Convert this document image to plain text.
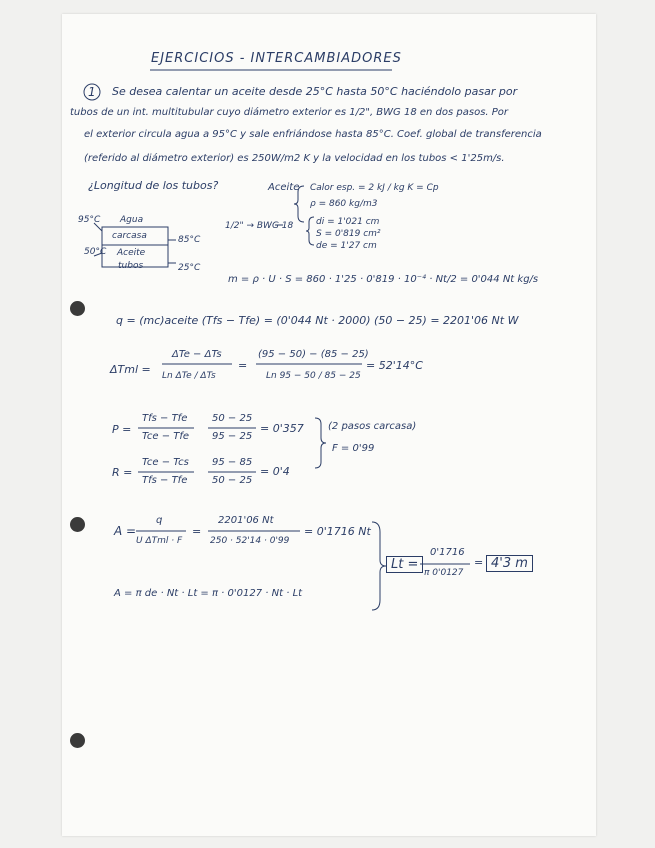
EJERCICIOS - INTERCAMBIADORES
1 Se desea calentar un aceite desde 25°C hasta 50°C haciéndolo pasar por
tubos de un int. multitubular cuyo diámetro exterior es 1/2", BWG 18 en dos pasos. Por
el exterior circula agua a 95°C y sale enfriándose hasta 85°C. Coef. global de transferencia
(referido al diámetro exterior) es 250W/m2 K y la velocidad en los tubos < 1'25m/s.
¿Longitud de los tubos?	Aceite Calor esp. = 2 kJ / kg K = Cp
ρ = 860 kg/m3
1/2" → BWG 18	di = 1'021 cm
S = 0'819 cm²
de = 1'27 cm
95°C
50°C
Agua
carcasa
Aceite
tubos
85°C
25°C
m = ρ · U · S = 860 · 1'25 · 0'819 · 10⁻⁴ · Nt/2 = 0'044 Nt kg/s
q = (mc)aceite (Tfs − Tfe) = (0'044 Nt · 2000) (50 − 25) = 2201'06 Nt W
ΔTml =
ΔTe − ΔTs
Ln ΔTe / ΔTs
=
(95 − 50) − (85 − 25)
Ln 95 − 50 / 85 − 25
= 52'14°C
P =
Tfs − Tfe
Tce − Tfe
50 − 25
95 − 25
= 0'357
R =
Tce − Tcs
Tfs − Tfe
95 − 85
50 − 25
= 0'4
(2 pasos carcasa)
F = 0'99
A =
q
U ΔTml · F
=
2201'06 Nt
250 · 52'14 · 0'99
= 0'1716 Nt
A = π de · Nt · Lt = π · 0'0127 · Nt · Lt
Lt =
0'1716
π 0'0127
= 4'3 m
